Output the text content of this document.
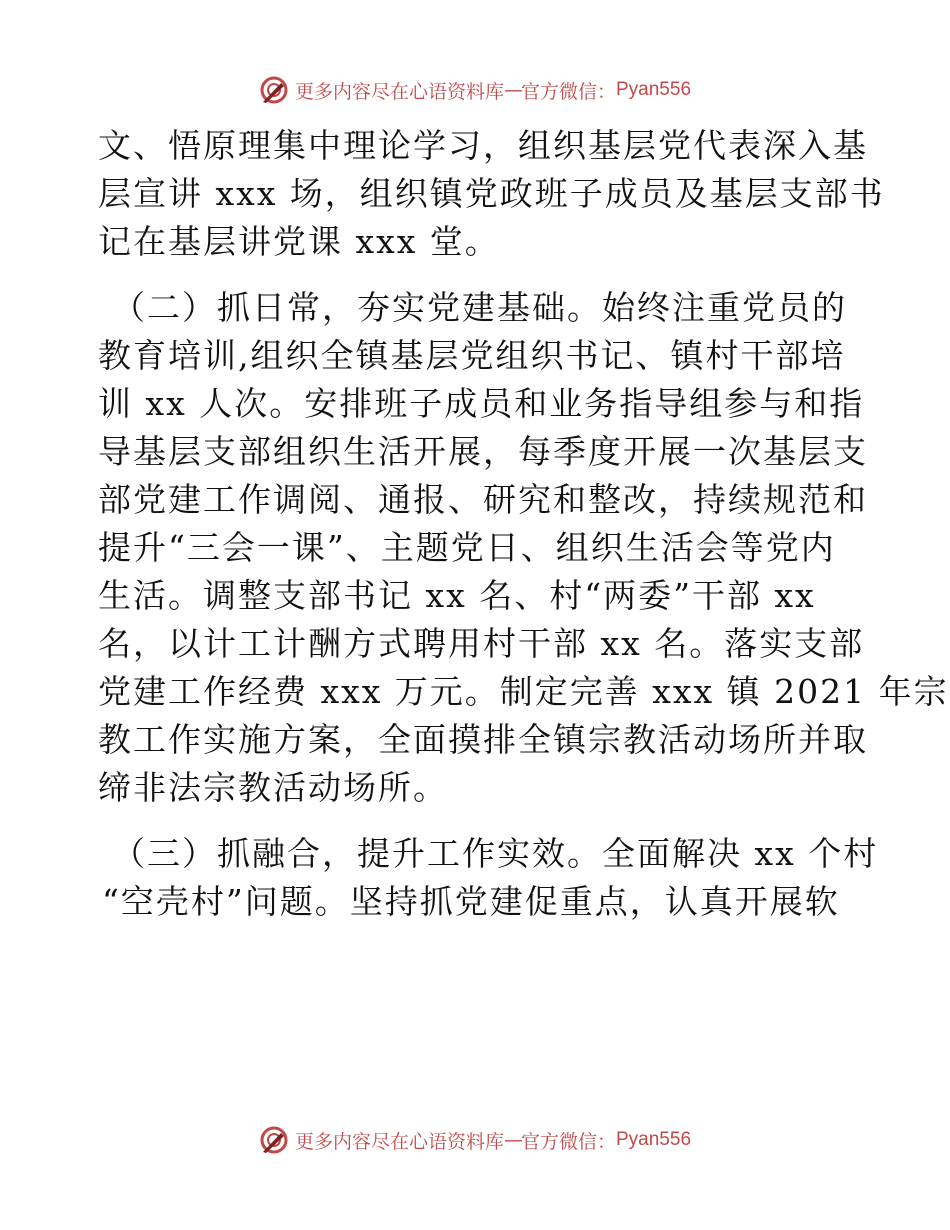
更多内容尽在心语资料库 — 官方微信： Pyan556
文、悟原理集中理论学习，组织基层党代表深入基
层宣讲 xxx 场，组织镇党政班子成员及基层支部书
记在基层讲党课 xxx 堂。
（二）抓日常，夯实党建基础。始终注重党员的
教育培训,组织全镇基层党组织书记、镇村干部培
训 xx 人次。安排班子成员和业务指导组参与和指
导基层支部组织生活开展，每季度开展一次基层支
部党建工作调阅、通报、研究和整改，持续规范和
提升“三会一课”、主题党日、组织生活会等党内
生活。调整支部书记 xx 名、村“两委”干部 xx
名，以计工计酬方式聘用村干部 xx 名。落实支部
党建工作经费 xxx 万元。制定完善 xxx 镇 2021 年宗
教工作实施方案，全面摸排全镇宗教活动场所并取
缔非法宗教活动场所。
（三）抓融合，提升工作实效。全面解决 xx 个村
“空壳村”问题。坚持抓党建促重点，认真开展软
更多内容尽在心语资料库 — 官方微信： Pyan556
